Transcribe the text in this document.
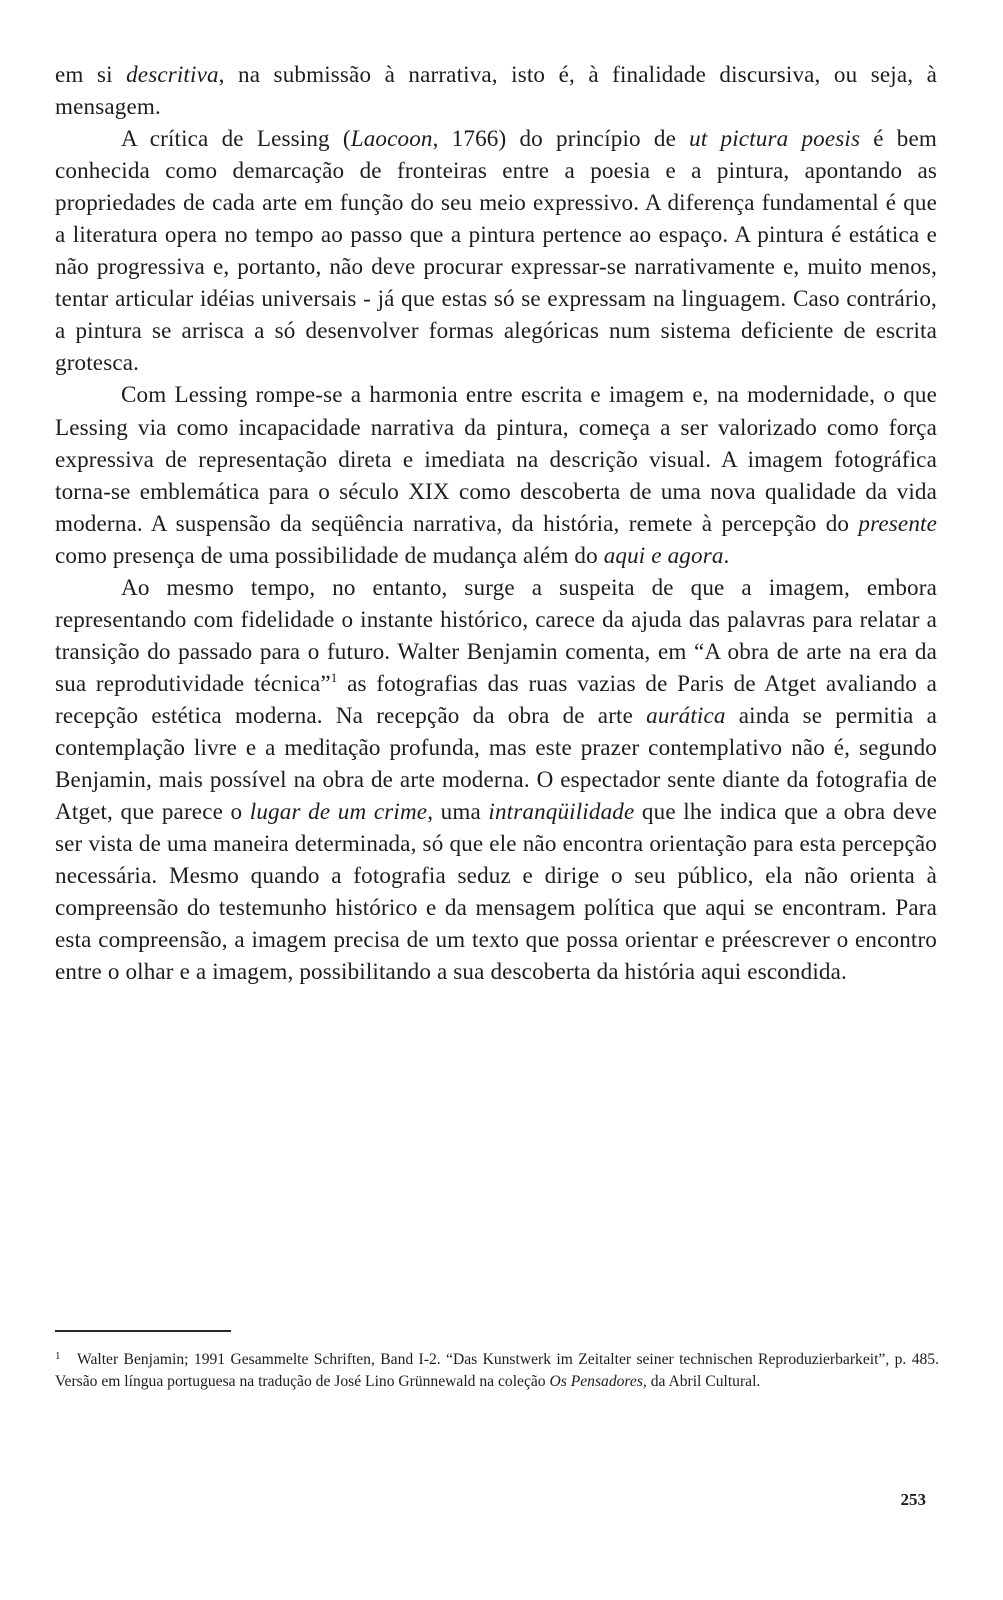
em si descritiva, na submissão à narrativa, isto é, à finalidade discursiva, ou seja, à mensagem.

A crítica de Lessing (Laocoon, 1766) do princípio de ut pictura poesis é bem conhecida como demarcação de fronteiras entre a poesia e a pintura, apontando as propriedades de cada arte em função do seu meio expressivo. A diferença fundamental é que a literatura opera no tempo ao passo que a pintura pertence ao espaço. A pintura é estática e não progressiva e, portanto, não deve procurar expressar-se narrativamente e, muito menos, tentar articular idéias universais - já que estas só se expressam na linguagem. Caso contrário, a pintura se arrisca a só desenvolver formas alegóricas num sistema deficiente de escrita grotesca.

Com Lessing rompe-se a harmonia entre escrita e imagem e, na modernidade, o que Lessing via como incapacidade narrativa da pintura, começa a ser valorizado como força expressiva de representação direta e imediata na descrição visual. A imagem fotográfica torna-se emblemática para o século XIX como descoberta de uma nova qualidade da vida moderna. A suspensão da seqüência narrativa, da história, remete à percepção do presente como presença de uma possibilidade de mudança além do aqui e agora.

Ao mesmo tempo, no entanto, surge a suspeita de que a imagem, embora representando com fidelidade o instante histórico, carece da ajuda das palavras para relatar a transição do passado para o futuro. Walter Benjamin comenta, em “A obra de arte na era da sua reprodutividade técnica”$^1$ as fotografias das ruas vazias de Paris de Atget avaliando a recepção estética moderna. Na recepção da obra de arte aurática ainda se permitia a contemplação livre e a meditação profunda, mas este prazer contemplativo não é, segundo Benjamin, mais possível na obra de arte moderna. O espectador sente diante da fotografia de Atget, que parece o lugar de um crime, uma intranqüilidade que lhe indica que a obra deve ser vista de uma maneira determinada, só que ele não encontra orientação para esta percepção necessária. Mesmo quando a fotografia seduz e dirige o seu público, ela não orienta à compreensão do testemunho histórico e da mensagem política que aqui se encontram. Para esta compreensão, a imagem precisa de um texto que possa orientar e préescrever o encontro entre o olhar e a imagem, possibilitando a sua descoberta da história aqui escondida.

1 Walter Benjamin; 1991 Gesammelte Schriften, Band I-2. “Das Kunstwerk im Zeitalter seiner technischen Reproduzierbarkeit”, p. 485. Versão em língua portuguesa na tradução de José Lino Grünnewald na coleção Os Pensadores, da Abril Cultural.
253
